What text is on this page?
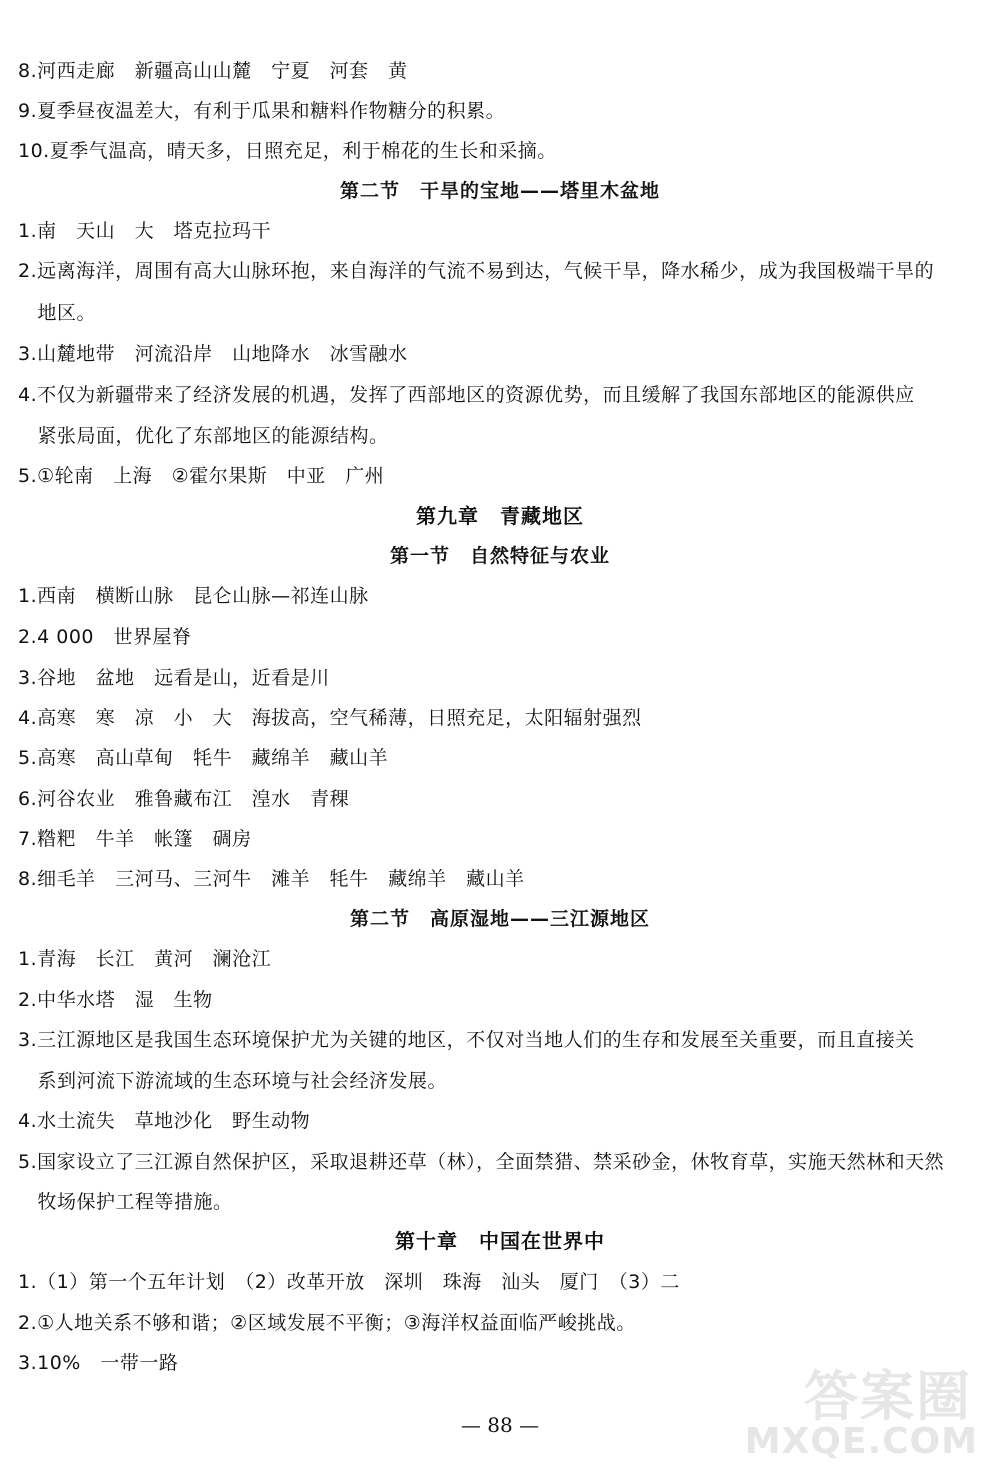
8.河西走廊　新疆高山山麓　宁夏　河套　黄
9.夏季昼夜温差大，有利于瓜果和糖料作物糖分的积累。
10.夏季气温高，晴天多，日照充足，利于棉花的生长和采摘。
第二节　干旱的宝地——塔里木盆地
1.南　天山　大　塔克拉玛干
2.远离海洋，周围有高大山脉环抱，来自海洋的气流不易到达，气候干旱，降水稀少，成为我国极端干旱的
　地区。
3.山麓地带　河流沿岸　山地降水　冰雪融水
4.不仅为新疆带来了经济发展的机遇，发挥了西部地区的资源优势，而且缓解了我国东部地区的能源供应
　紧张局面，优化了东部地区的能源结构。
5.①轮南　上海　②霍尔果斯　中亚　广州
第九章　青藏地区
第一节　自然特征与农业
1.西南　横断山脉　昆仑山脉—祁连山脉
2.4 000　世界屋脊
3.谷地　盆地　远看是山，近看是川
4.高寒　寒　凉　小　大　海拔高，空气稀薄，日照充足，太阳辐射强烈
5.高寒　高山草甸　牦牛　藏绵羊　藏山羊
6.河谷农业　雅鲁藏布江　湟水　青稞
7.糌粑　牛羊　帐篷　碉房
8.细毛羊　三河马、三河牛　滩羊　牦牛　藏绵羊　藏山羊
第二节　高原湿地——三江源地区
1.青海　长江　黄河　澜沧江
2.中华水塔　湿　生物
3.三江源地区是我国生态环境保护尤为关键的地区，不仅对当地人们的生存和发展至关重要，而且直接关
　系到河流下游流域的生态环境与社会经济发展。
4.水土流失　草地沙化　野生动物
5.国家设立了三江源自然保护区，采取退耕还草（林），全面禁猎、禁采砂金，休牧育草，实施天然林和天然
　牧场保护工程等措施。
第十章　中国在世界中
1.（1）第一个五年计划　（2）改革开放　深圳　珠海　汕头　厦门　（3）二
2.①人地关系不够和谐；②区域发展不平衡；③海洋权益面临严峻挑战。
3.10%　一带一路
— 88 —	答案圈
MXQE.COM
